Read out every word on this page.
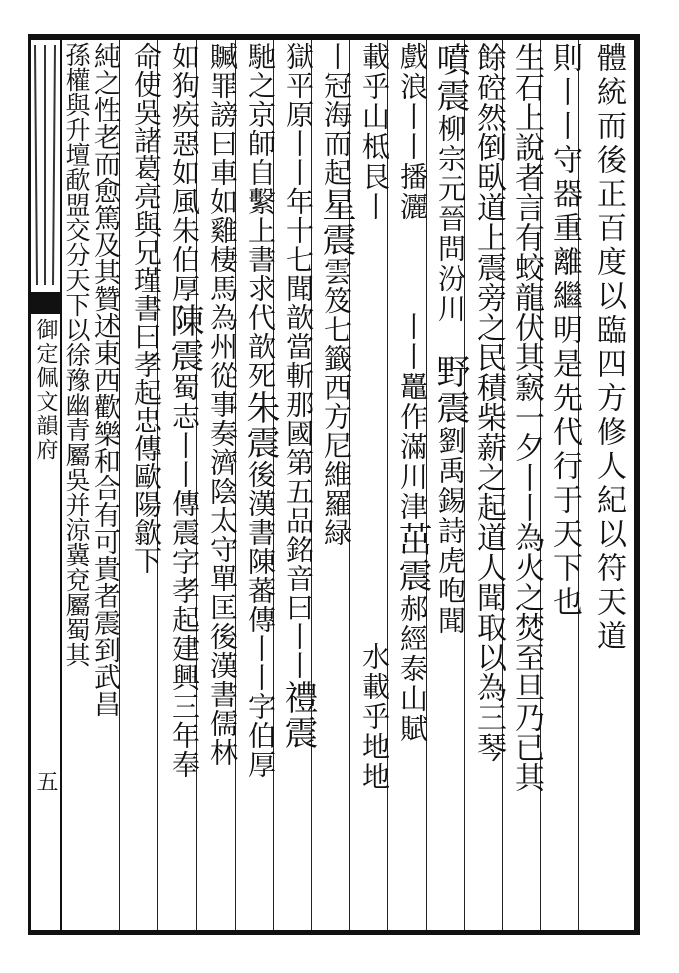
御定佩文韻府
五
體統而後正百度以臨四方修人紀以符天道
則丨丨守器重離繼明是先代行于天下也
生石上說者言有蛟龍伏其窾一夕丨丨為火之焚至旦乃已其
餘硿然倒臥道上震旁之民積柴薪之起道人聞取以為三琴
噴震柳宗元晉問汾川野震劉禹錫詩虎咆聞
戲浪丨丨播灑丨丨鼉作滿川津茁震郝經泰山賦
載乎山柢艮丨水載乎地地
丨冠海而起星震雲笈七籤西方尼維羅緑
獄平原丨丨年十七聞歆當斬那國第五品銘音曰丨丨禮震
馳之京師自繫上書求代歆死朱震後漢書陳蕃傳丨丨字伯厚
贓罪謗曰車如雞棲馬為州從事奏濟陰太守單匡後漢書儒林
如狗疾惡如風朱伯厚陳震蜀志丨丨傳震字孝起建興三年奉
命使吳諸葛亮與兄瑾書曰孝起忠傳歐陽歙下
純之性老而愈篤及其贊述東西歡樂和合有可貴者震到武昌
孫權與升壇歃盟交分天下以徐豫幽青屬吳并涼冀兗屬蜀其
